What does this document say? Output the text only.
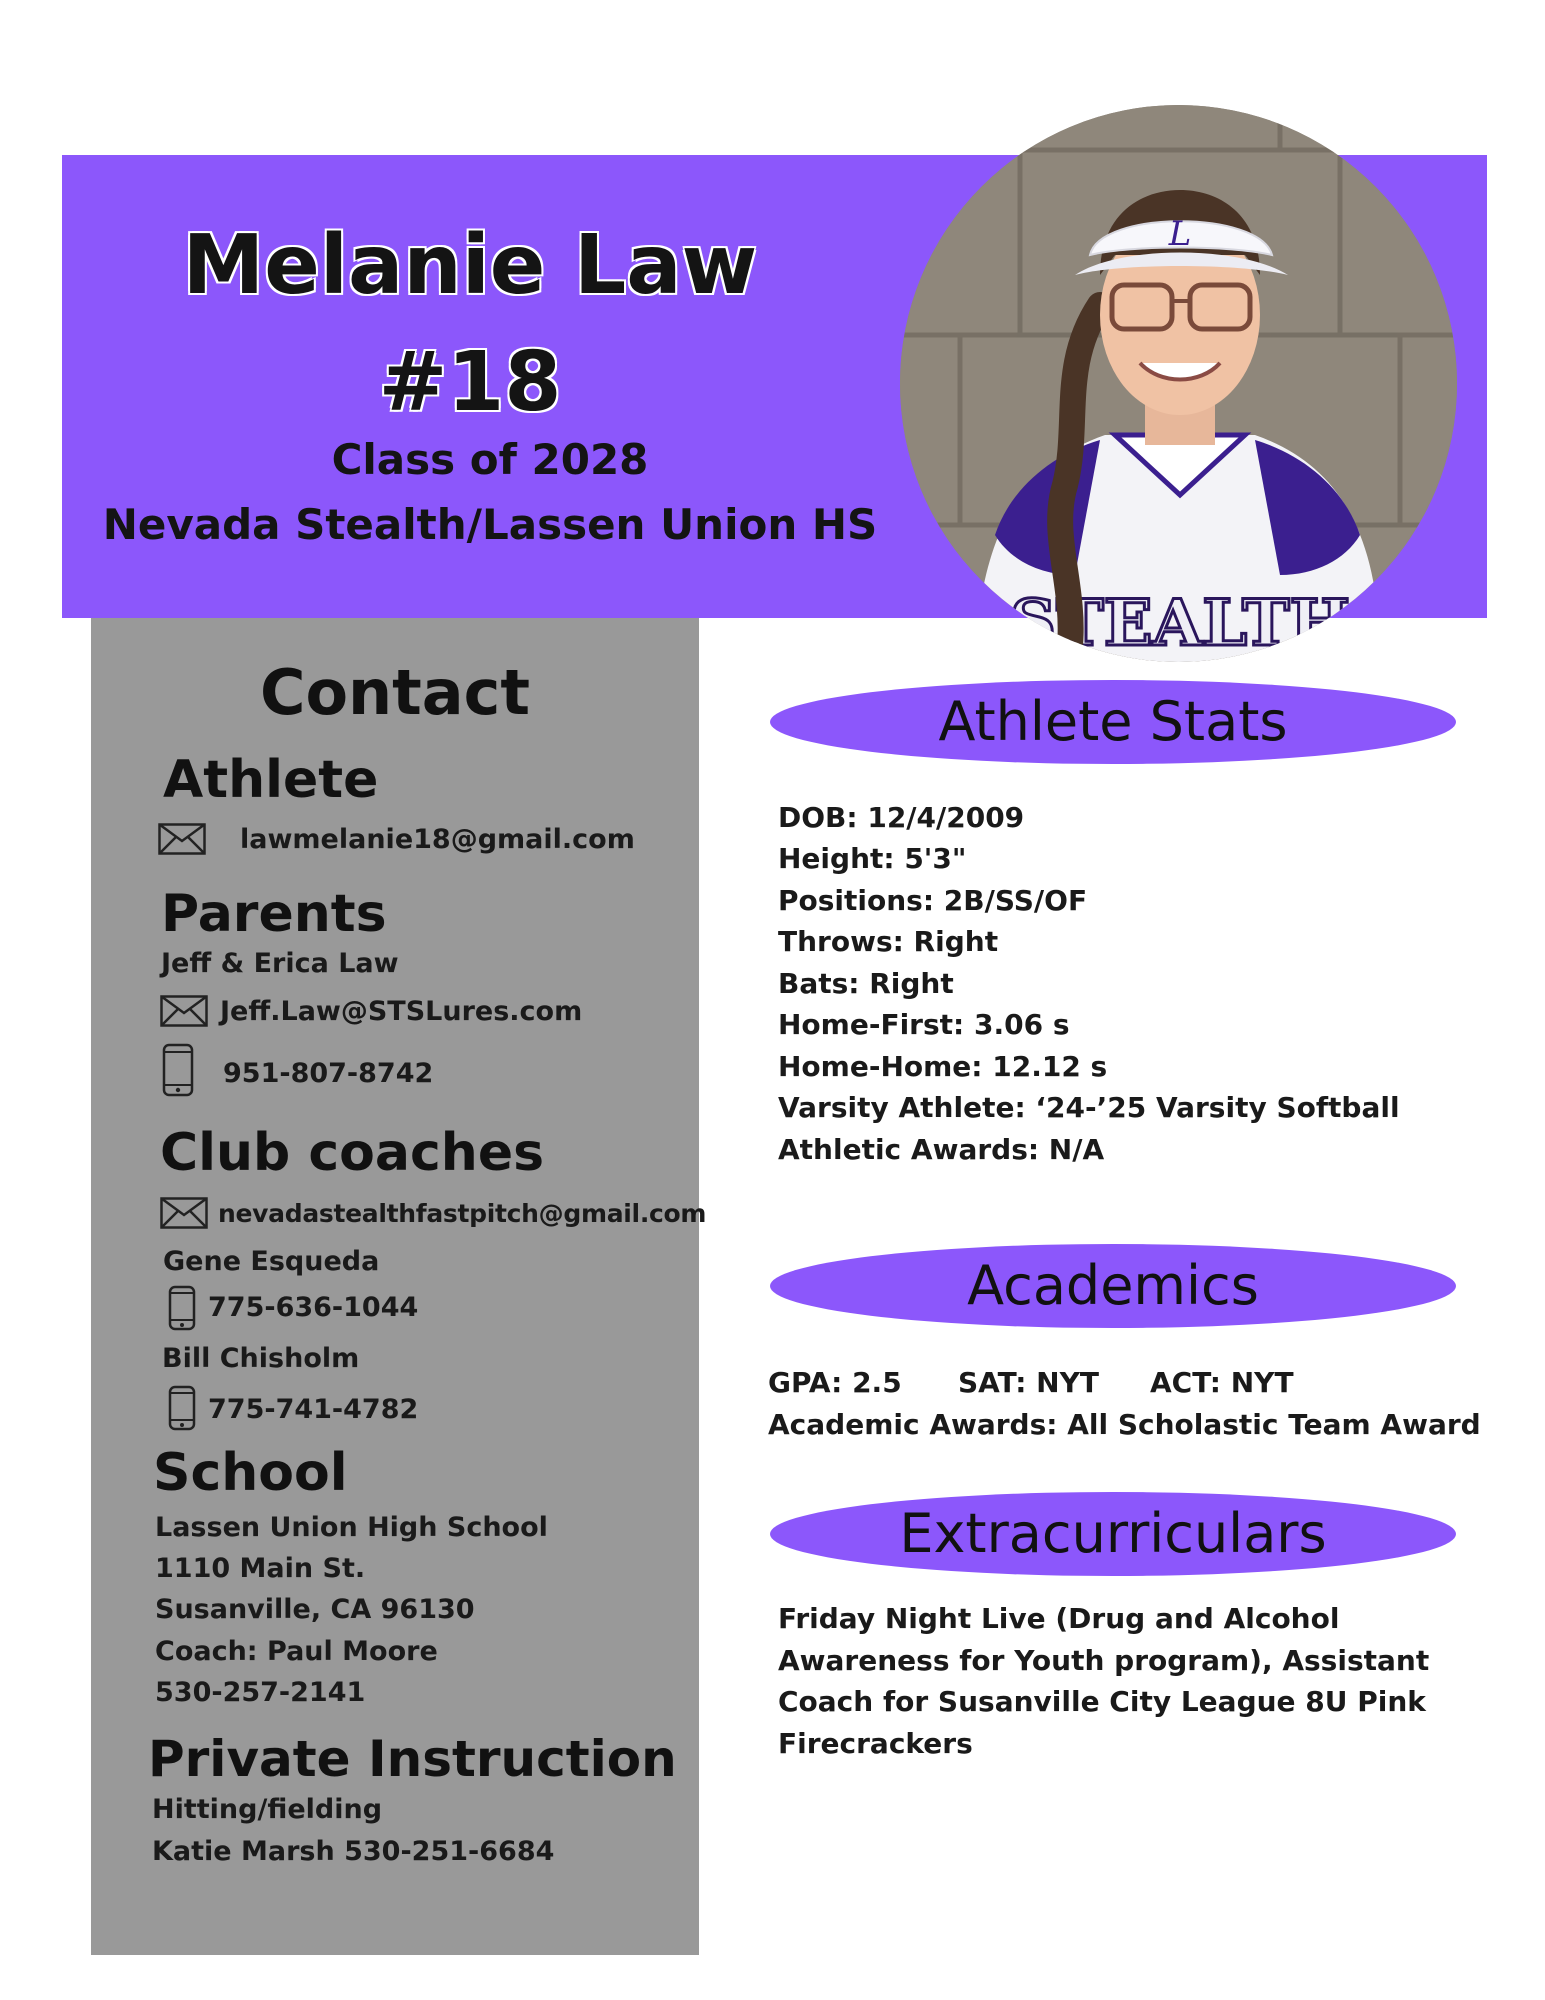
Melanie Law
#18
Class of 2028
Nevada Stealth/Lassen Union HS
STEALTH
L
Contact
Athlete
lawmelanie18@gmail.com
Parents
Jeff & Erica Law
Jeff.Law@STSLures.com
951-807-8742
Club coaches
nevadastealthfastpitch@gmail.com
Gene Esqueda
775-636-1044
Bill Chisholm
775-741-4782
School
Lassen Union High School
1110 Main St.
Susanville, CA 96130
Coach: Paul Moore
530-257-2141
Private Instruction
Hitting/fielding
Katie Marsh 530-251-6684
Athlete Stats
DOB: 12/4/2009
Height: 5'3"
Positions: 2B/SS/OF
Throws: Right
Bats: Right
Home-First: 3.06 s
Home-Home: 12.12 s
Varsity Athlete: ‘24-’25 Varsity Softball
Athletic Awards: N/A
Academics
GPA: 2.5 SAT: NYT ACT: NYT
Academic Awards: All Scholastic Team Award
Extracurriculars
Friday Night Live (Drug and Alcohol
Awareness for Youth program), Assistant
Coach for Susanville City League 8U Pink
Firecrackers
